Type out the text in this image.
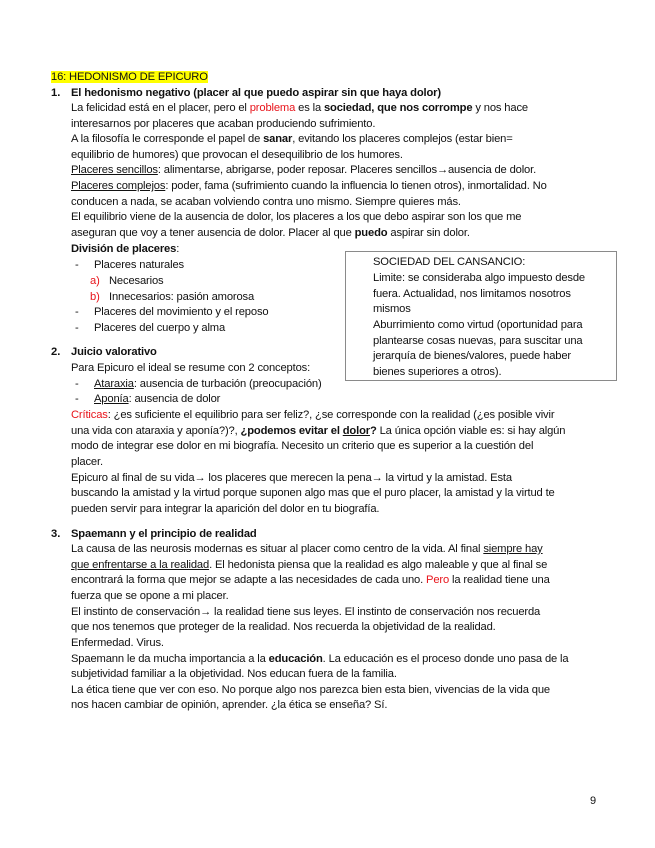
16: HEDONISMO DE EPICURO
1. El hedonismo negativo (placer al que puedo aspirar sin que haya dolor)
La felicidad está en el placer, pero el problema es la sociedad, que nos corrompe y nos hace
interesarnos por placeres que acaban produciendo sufrimiento.
A la filosofía le corresponde el papel de sanar, evitando los placeres complejos (estar bien=
equilibrio de humores) que provocan el desequilibrio de los humores.
Placeres sencillos: alimentarse, abrigarse, poder reposar. Placeres sencillos→ausencia de dolor.
Placeres complejos: poder, fama (sufrimiento cuando la influencia lo tienen otros), inmortalidad. No
conducen a nada, se acaban volviendo contra uno mismo. Siempre quieres más.
El equilibrio viene de la ausencia de dolor, los placeres a los que debo aspirar son los que me
aseguran que voy a tener ausencia de dolor. Placer al que puedo aspirar sin dolor.
División de placeres:
- Placeres naturales
a) Necesarios
b) Innecesarios: pasión amorosa
- Placeres del movimiento y el reposo
- Placeres del cuerpo y alma
SOCIEDAD DEL CANSANCIO:
Limite: se consideraba algo impuesto desde
fuera. Actualidad, nos limitamos nosotros
mismos
Aburrimiento como virtud (oportunidad para
plantearse cosas nuevas, para suscitar una
jerarquía de bienes/valores, puede haber
bienes superiores a otros).
2. Juicio valorativo
Para Epicuro el ideal se resume con 2 conceptos:
- Ataraxia: ausencia de turbación (preocupación)
- Aponía: ausencia de dolor
Críticas: ¿es suficiente el equilibrio para ser feliz?, ¿se corresponde con la realidad (¿es posible vivir
una vida con ataraxia y aponía?)?, ¿podemos evitar el dolor? La única opción viable es: si hay algún
modo de integrar ese dolor en mi biografía. Necesito un criterio que es superior a la cuestión del
placer.
Epicuro al final de su vida→ los placeres que merecen la pena→ la virtud y la amistad. Esta
buscando la amistad y la virtud porque suponen algo mas que el puro placer, la amistad y la virtud te
pueden servir para integrar la aparición del dolor en tu biografía.
3. Spaemann y el principio de realidad
La causa de las neurosis modernas es situar al placer como centro de la vida. Al final siempre hay
que enfrentarse a la realidad. El hedonista piensa que la realidad es algo maleable y que al final se
encontrará la forma que mejor se adapte a las necesidades de cada uno. Pero la realidad tiene una
fuerza que se opone a mi placer.
El instinto de conservación→ la realidad tiene sus leyes. El instinto de conservación nos recuerda
que nos tenemos que proteger de la realidad. Nos recuerda la objetividad de la realidad.
Enfermedad. Virus.
Spaemann le da mucha importancia a la educación. La educación es el proceso donde uno pasa de la
subjetividad familiar a la objetividad. Nos educan fuera de la familia.
La ética tiene que ver con eso. No porque algo nos parezca bien esta bien, vivencias de la vida que
nos hacen cambiar de opinión, aprender. ¿la ética se enseña? Sí.
9
